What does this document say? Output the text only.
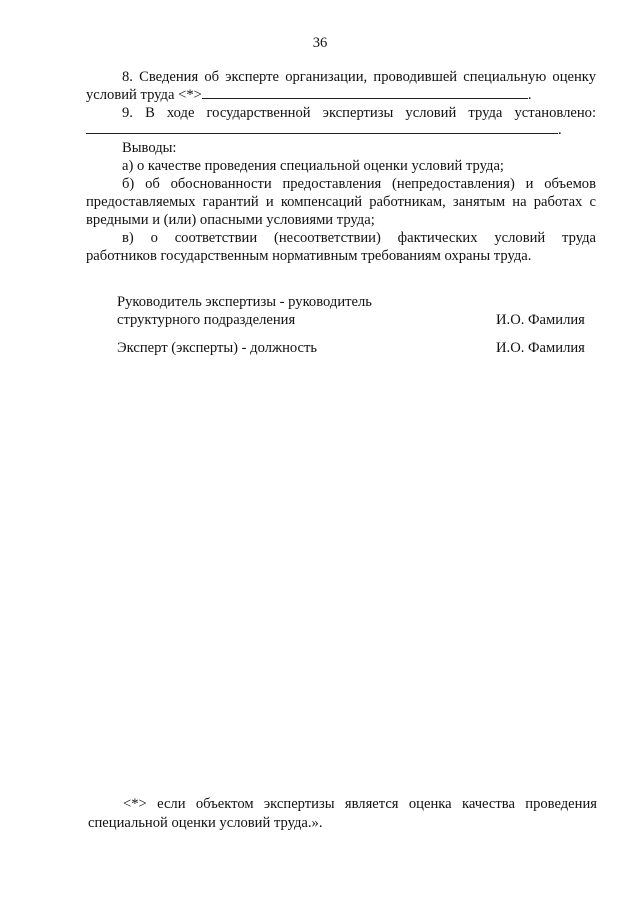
36
8. Сведения об эксперте организации, проводившей специальную оценку
условий труда <*>	.
9. В ходе государственной экспертизы условий труда установлено:
.
Выводы:
а) о качестве проведения специальной оценки условий труда;
б) об обоснованности предоставления (непредоставления) и объемов
предоставляемых гарантий и компенсаций работникам, занятым на работах с
вредными и (или) опасными условиями труда;
в) о соответствии (несоответствии) фактических условий труда
работников государственным нормативным требованиям охраны труда.
Руководитель экспертизы - руководитель
структурного подразделения	И.О. Фамилия
Эксперт (эксперты) - должность	И.О. Фамилия
<*> если объектом экспертизы является оценка качества проведения
специальной оценки условий труда.».
